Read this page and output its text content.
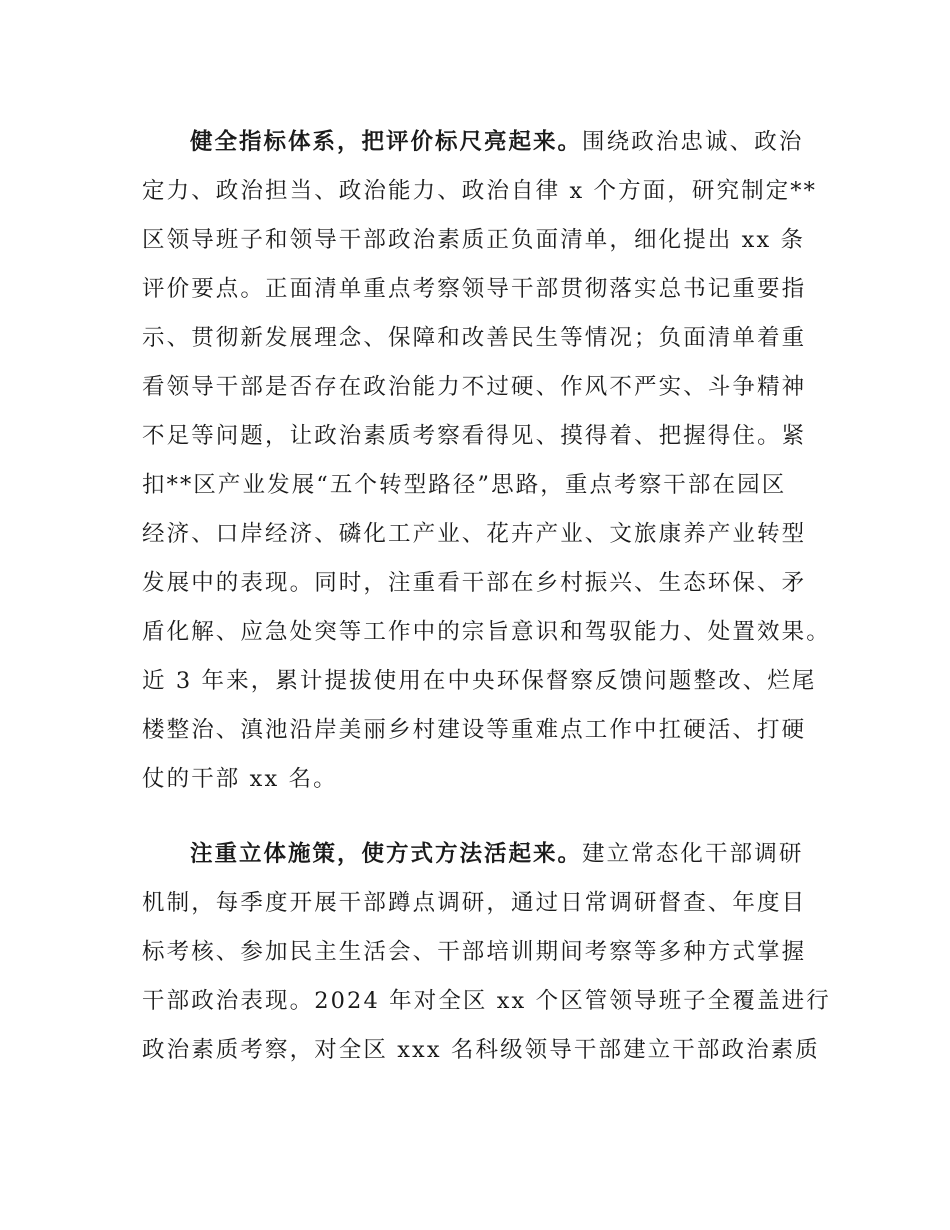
健全指标体系，把评价标尺亮起来。围绕政治忠诚、政治
定力、政治担当、政治能力、政治自律 x 个方面，研究制定**
区领导班子和领导干部政治素质正负面清单，细化提出 xx 条
评价要点。正面清单重点考察领导干部贯彻落实总书记重要指
示、贯彻新发展理念、保障和改善民生等情况；负面清单着重
看领导干部是否存在政治能力不过硬、作风不严实、斗争精神
不足等问题，让政治素质考察看得见、摸得着、把握得住。紧
扣**区产业发展“五个转型路径”思路，重点考察干部在园区
经济、口岸经济、磷化工产业、花卉产业、文旅康养产业转型
发展中的表现。同时，注重看干部在乡村振兴、生态环保、矛
盾化解、应急处突等工作中的宗旨意识和驾驭能力、处置效果。
近 3 年来，累计提拔使用在中央环保督察反馈问题整改、烂尾
楼整治、滇池沿岸美丽乡村建设等重难点工作中扛硬活、打硬
仗的干部 xx 名。
注重立体施策，使方式方法活起来。建立常态化干部调研
机制，每季度开展干部蹲点调研，通过日常调研督查、年度目
标考核、参加民主生活会、干部培训期间考察等多种方式掌握
干部政治表现。2024 年对全区 xx 个区管领导班子全覆盖进行
政治素质考察，对全区 xxx 名科级领导干部建立干部政治素质
